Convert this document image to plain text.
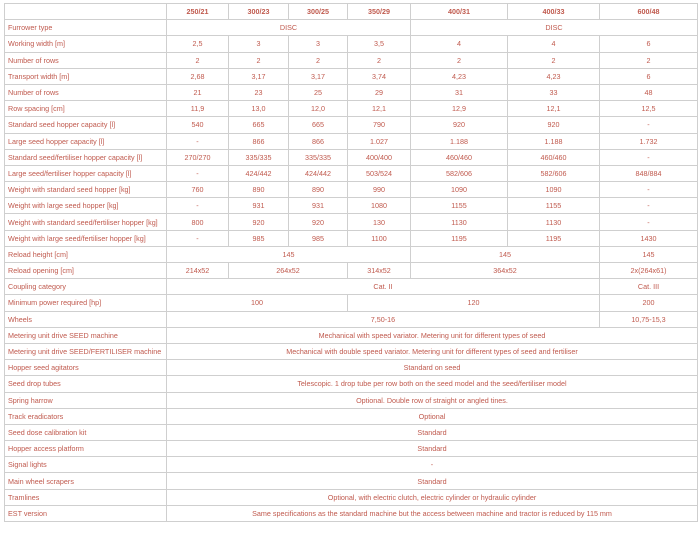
	250/21	300/23	300/25	350/29	400/31	400/33	600/48
Furrower type	DISC				DISC		
Working width [m]	2,5	3	3	3,5	4	4	6
Number of rows	2	2	2	2	2	2	2
Transport width [m]	2,68	3,17	3,17	3,74	4,23	4,23	6
Number of rows	21	23	25	29	31	33	48
Row spacing [cm]	11,9	13,0	12,0	12,1	12,9	12,1	12,5
Standard seed hopper capacity [l]	540	665	665	790	920	920	-
Large seed hopper capacity [l]	-	866	866	1.027	1.188	1.188	1.732
Standard seed/fertiliser hopper capacity [l]	270/270	335/335	335/335	400/400	460/460	460/460	-
Large seed/fertiliser hopper capacity [l]	-	424/442	424/442	503/524	582/606	582/606	848/884
Weight with standard seed hopper [kg]	760	890	890	990	1090	1090	-
Weight with large seed hopper [kg]	-	931	931	1080	1155	1155	-
Weight with standard seed/fertiliser hopper [kg]	800	920	920	130	1130	1130	-
Weight with large seed/fertiliser hopper [kg]	-	985	985	1100	1195	1195	1430
Reload height [cm]	145				145		145
Reload opening [cm]	214x52	264x52		314x52	364x52		2x(264x61)
Coupling category	Cat. II						Cat. III
Minimum power required [hp]	100			120			200
Wheels	7,50-16						10,75-15,3
Metering unit drive SEED machine	Mechanical with speed variator. Metering unit for different types of seed						
Metering unit drive SEED/FERTILISER machine	Mechanical with double speed variator. Metering unit for different types of seed and fertiliser						
Hopper seed agitators	Standard on seed						
Seed drop tubes	Telescopic. 1 drop tube per row both on the seed model and the seed/fertiliser model						
Spring harrow	Optional. Double row of straight or angled tines.						
Track eradicators	Optional						
Seed dose calibration kit	Standard						
Hopper access platform	Standard						
Signal lights	-						
Main wheel scrapers	Standard						
Tramlines	Optional, with electric clutch, electric cylinder or hydraulic cylinder						
EST version	Same specifications as the standard machine but the access between machine and tractor is reduced by 115 mm						
